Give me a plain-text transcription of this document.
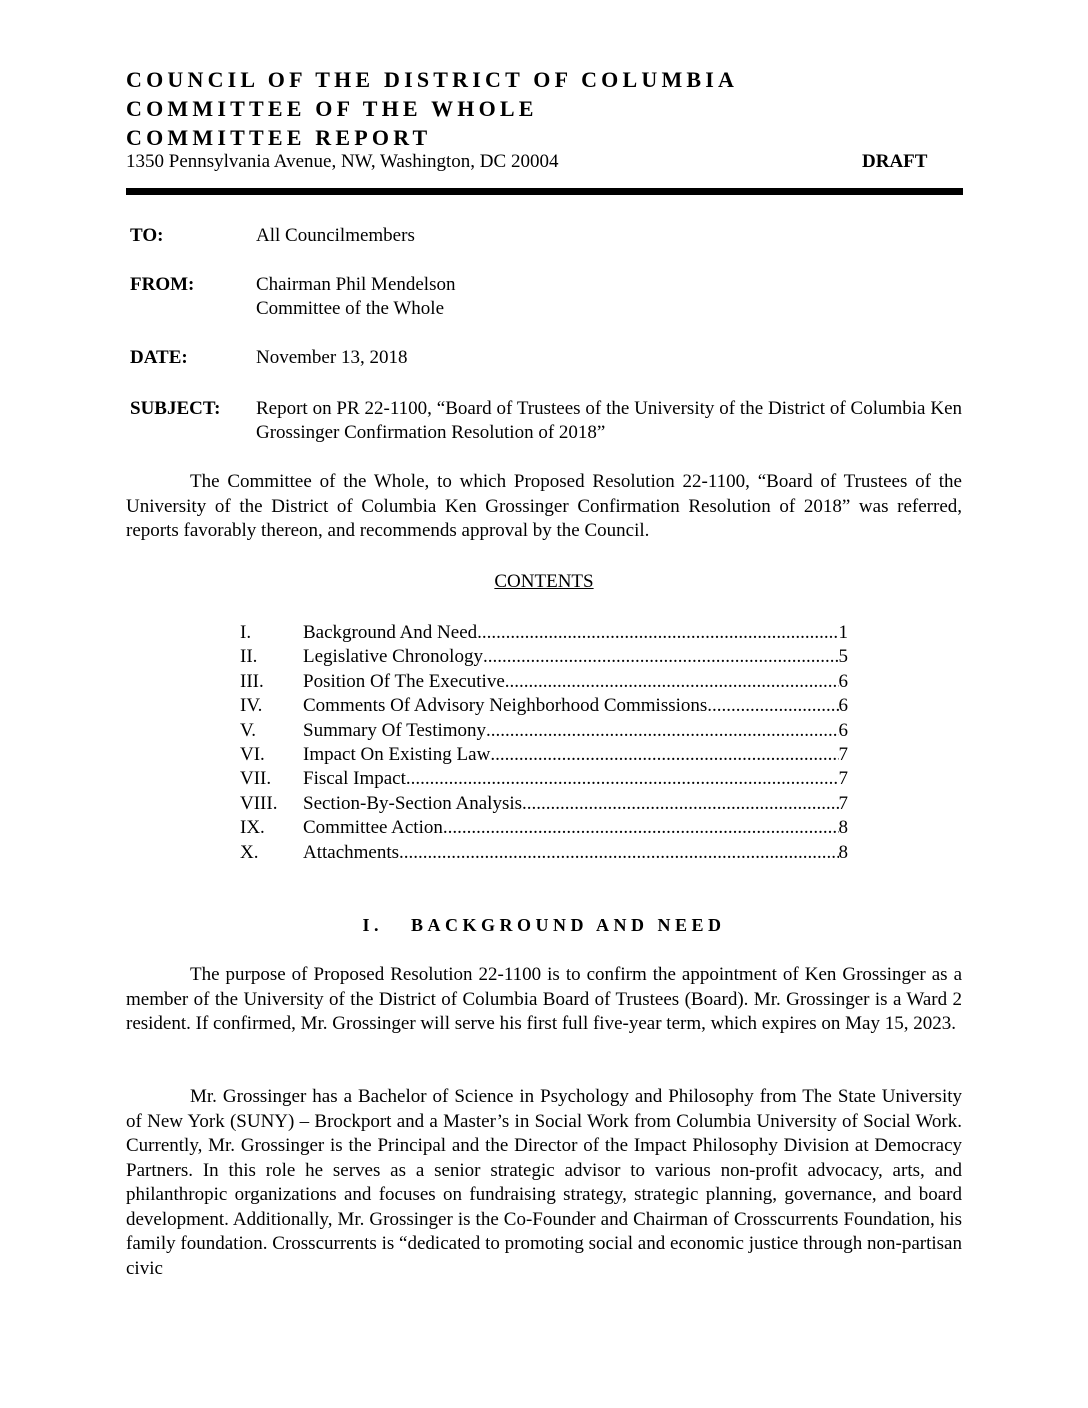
COUNCIL OF THE DISTRICT OF COLUMBIA
COMMITTEE OF THE WHOLE
COMMITTEE REPORT
1350 Pennsylvania Avenue, NW, Washington, DC 20004	DRAFT
TO:	All Councilmembers
FROM:	Chairman Phil Mendelson
Committee of the Whole
DATE:	November 13, 2018
SUBJECT: Report on PR 22-1100, “Board of Trustees of the University of the District of Columbia Ken Grossinger Confirmation Resolution of 2018”
The Committee of the Whole, to which Proposed Resolution 22-1100, “Board of Trustees of the University of the District of Columbia Ken Grossinger Confirmation Resolution of 2018” was referred, reports favorably thereon, and recommends approval by the Council.
CONTENTS
I.	Background And Need .....	1
II.	Legislative Chronology .....	5
III.	Position Of The Executive .....	6
IV.	Comments Of Advisory Neighborhood Commissions .....	6
V.	Summary Of Testimony .....	6
VI.	Impact On Existing Law .....	7
VII.	Fiscal Impact .....	7
VIII.	Section-By-Section Analysis .....	7
IX.	Committee Action .....	8
X.	Attachments .....	8
I. BACKGROUND AND NEED
The purpose of Proposed Resolution 22-1100 is to confirm the appointment of Ken Grossinger as a member of the University of the District of Columbia Board of Trustees (Board). Mr. Grossinger is a Ward 2 resident. If confirmed, Mr. Grossinger will serve his first full five-year term, which expires on May 15, 2023.
Mr. Grossinger has a Bachelor of Science in Psychology and Philosophy from The State University of New York (SUNY) – Brockport and a Master’s in Social Work from Columbia University of Social Work. Currently, Mr. Grossinger is the Principal and the Director of the Impact Philosophy Division at Democracy Partners. In this role he serves as a senior strategic advisor to various non-profit advocacy, arts, and philanthropic organizations and focuses on fundraising strategy, strategic planning, governance, and board development. Additionally, Mr. Grossinger is the Co-Founder and Chairman of Crosscurrents Foundation, his family foundation. Crosscurrents is “dedicated to promoting social and economic justice through non-partisan civic
